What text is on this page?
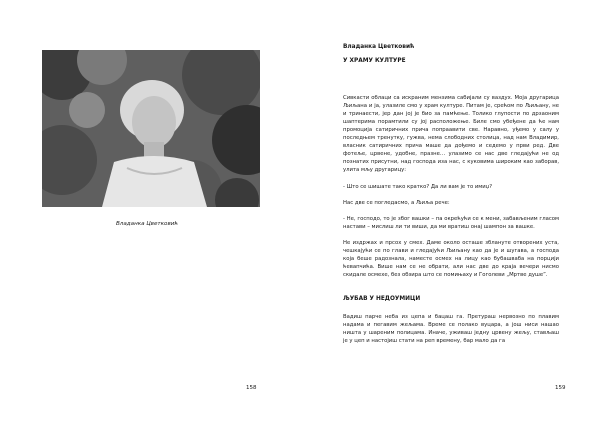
Владанка Цветковић
158
Владанка Цветковић
У ХРАМУ КУЛТУРЕ

Сивкасти облаци са искраним мензима сабијали су ваздух. Моја другарица Љиљана и ја, улазиле смо у храм културе. Питам је, срећом по Љиљану, не и тринаести, јер дан јој је био за памћење. Толико глупости по дрзаоним шаптерима порамтили су јој расположење. Биле смо убеђене да ће нам промоција сатиричних прича попраавити све. Наравно, уђемо у салу у последњем тренутку, гужва, нема слободних столица, над нам Владимир, власник сатиричних прича маше да дођемо и седемо у први ред. Две фотеље, црвене, удобне, празне… улазимо се нас две гледајући не од познатих присутни, над господа иза нас, с куковима широким као заборав, улита мљу другарицу:

- Што се шишате тако кратко? Да ли вам је то имиџ?

Нас две се погледасмо, а Љиља рече:

- Не, господо, то је због вашки – па окрећући се к мени, забављеним гласом настави – мислиш ли ти виши, да ми вратиш онај шампон за вашке.

Не издржах и прсох у смех. Даме около осташе зблануте отворених уста, чешкајући се по глави и гледајући Љиљану као да је и шугава, а господа која беше радознала, наместе осмех на лицу као бубашваба на порцији ћевапчића. Више нам се не обрати, али нас две до краја вечери нисмо скидале осмехе, без обзира што се помињаху и Гоголеви „Мртве душе”.

ЉУБАВ У НЕДОУМИЦИ

Вадиш парче неба из цепа и бацаш га. Претураш нервозно по плавим надама и пегавим жељама. Време се полако вуцара, а још ниси нашао ништа у шареним полицама. Иначе, уживаш једну црвену жељу, стављаш је у цеп и настојиш стати на реп времену, бар мало да га

159
